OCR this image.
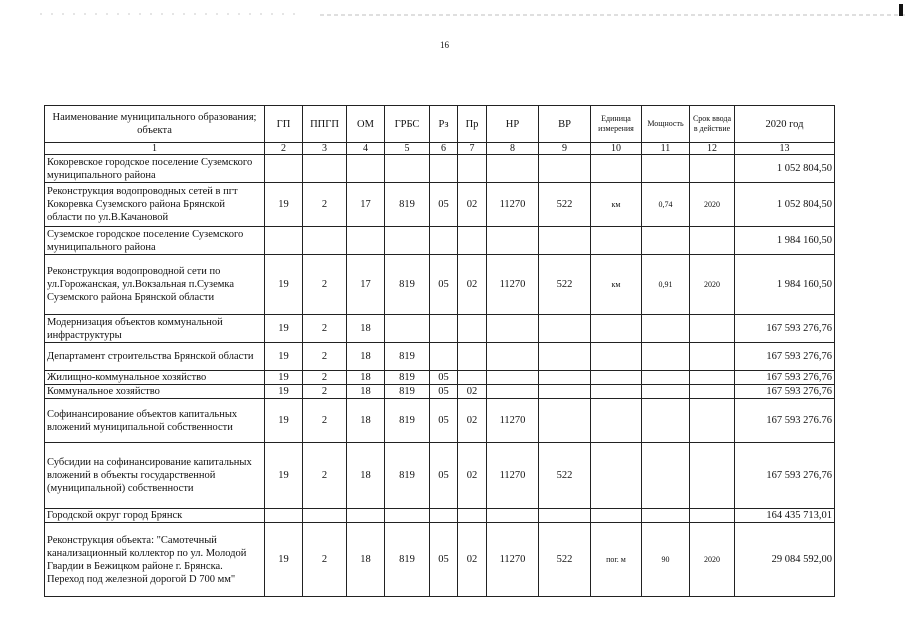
16
Наименование муниципального образования; объекта	ГП	ППГП	ОМ	ГРБС	Рз	Пр	НР	ВР	Единица измерения	Мощность	Срок ввода в действие	2020 год
1	2	3	4	5	6	7	8	9	10	11	12	13
Кокоревское городское поселение Суземского муниципального района												1 052 804,50
Реконструкция водопроводных сетей в пгт Кокоревка Суземского района Брянской области по ул.В.Качановой	19	2	17	819	05	02	11270	522	км	0,74	2020	1 052 804,50
Суземское городское поселение Суземского муниципального района												1 984 160,50
Реконструкция водопроводной сети по ул.Горожанская, ул.Вокзальная п.Суземка Суземского района Брянской области	19	2	17	819	05	02	11270	522	км	0,91	2020	1 984 160,50
Модернизация объектов коммунальной инфраструктуры	19	2	18									167 593 276,76
Департамент строительства Брянской области	19	2	18	819								167 593 276,76
Жилищно-коммунальное хозяйство	19	2	18	819	05							167 593 276,76
Коммунальное хозяйство	19	2	18	819	05	02						167 593 276,76
Софинансирование объектов капитальных вложений муниципальной собственности	19	2	18	819	05	02	11270					167 593 276.76
Субсидии на софинансирование капитальных вложений в объекты государственной (муниципальной) собственности	19	2	18	819	05	02	11270	522				167 593 276,76
Городской округ город Брянск												164 435 713,01
Реконструкция объекта: "Самотечный канализационный коллектор по ул. Молодой Гвардии в Бежицком районе г. Брянска. Переход под железной дорогой D 700 мм"	19	2	18	819	05	02	11270	522	пог. м	90	2020	29 084 592,00
